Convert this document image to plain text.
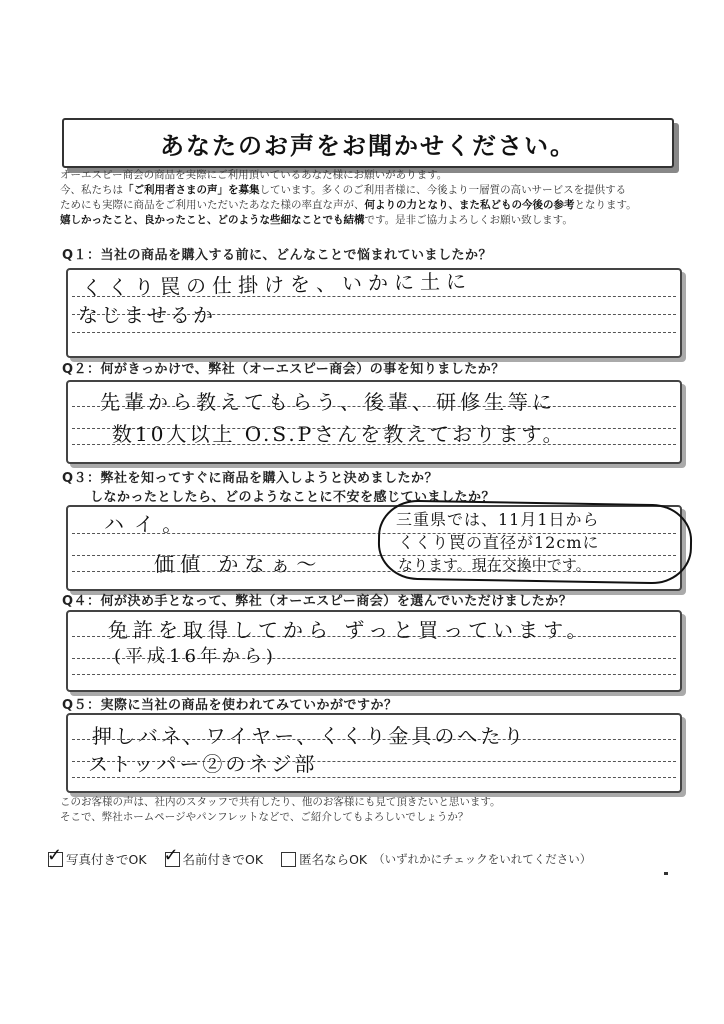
あなたのお声をお聞かせください。
オーエスピー商会の商品を実際にご利用頂いているあなた様にお願いがあります。
今、私たちは「ご利用者さまの声」を募集しています。多くのご利用者様に、今後より一層質の高いサービスを提供する
ためにも実際に商品をご利用いただいたあなた様の率直な声が、何よりの力となり、また私どもの今後の参考となります。
嬉しかったこと、良かったこと、どのような些細なことでも結構です。是非ご協力よろしくお願い致します。
Q１：当社の商品を購入する前に、どんなことで悩まれていましたか？
くくり罠の仕掛けを、いかに土に
なじませるか
Q２：何がきっかけで、弊社（オーエスピー商会）の事を知りましたか？
先輩から教えてもらう、後輩、研修生等に
数10人以上 O.S.Pさんを教えております。
Q３：弊社を知ってすぐに商品を購入しようと決めましたか？
しなかったとしたら、どのようなことに不安を感じていましたか？
ハイ。
価値 かなぁ〜
三重県では、11月1日から
くくり罠の直径が12cmに
なります。現在交換中です。
Q４：何が決め手となって、弊社（オーエスピー商会）を選んでいただけましたか？
免許を取得してから ずっと買っています。
(平成16年から)
Q５：実際に当社の商品を使われてみていかがですか？
押しバネ、ワイヤー、くくり金具のへたり
ストッパー②のネジ部
このお客様の声は、社内のスタッフで共有したり、他のお客様にも見て頂きたいと思います。
そこで、弊社ホームページやパンフレットなどで、ご紹介してもよろしいでしょうか？
✓ 写真付きでOK ✓ 名前付きでOK	匿名ならOK （いずれかにチェックをいれてください）
